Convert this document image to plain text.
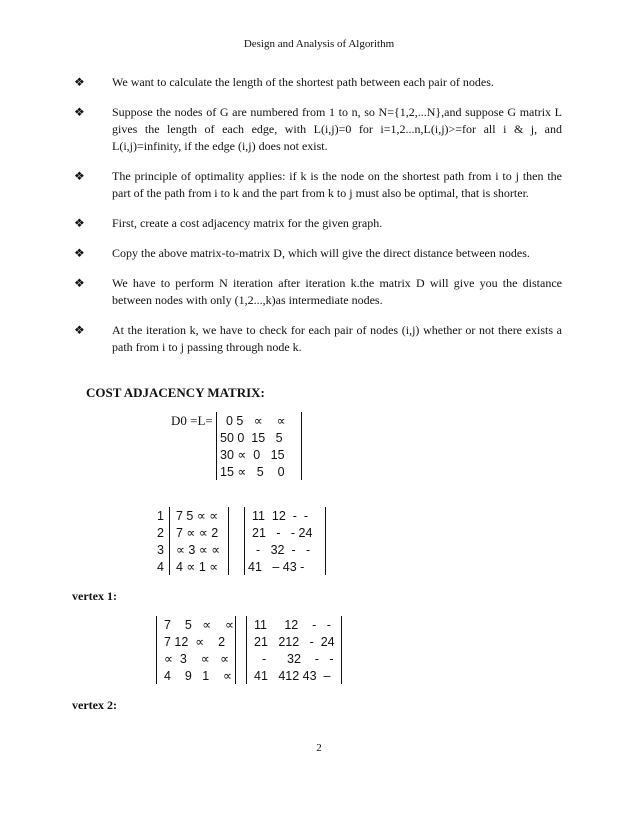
Design and Analysis of Algorithm
❖ We want to calculate the length of the shortest path between each pair of nodes.
❖ Suppose the nodes of G are numbered from 1 to n, so N={1,2,...N},and suppose G matrix L gives the length of each edge, with L(i,j)=0 for i=1,2...n,L(i,j)>=for all i & j, and L(i,j)=infinity, if the edge (i,j) does not exist.
❖ The principle of optimality applies: if k is the node on the shortest path from i to j then the part of the path from i to k and the part from k to j must also be optimal, that is shorter.
❖ First, create a cost adjacency matrix for the given graph.
❖ Copy the above matrix-to-matrix D, which will give the direct distance between nodes.
❖ We have to perform N iteration after iteration k.the matrix D will give you the distance between nodes with only (1,2...,k)as intermediate nodes.
❖ At the iteration k, we have to check for each pair of nodes (i,j) whether or not there exists a path from i to j passing through node k.
COST ADJACENCY MATRIX:
D0 =L= 0 5   ∝    ∝
50 0  15   5
30 ∝  0   15
15 ∝   5    0
1
2
3
4
7 5 ∝ ∝
7 ∝ ∝ 2
∝ 3 ∝ ∝
4 ∝ 1 ∝
11  12  -  -
21   -   - 24
-   32  -   -
41   – 43 -
vertex 1:
7    5   ∝    ∝
7 12  ∝    2
∝  3    ∝   ∝
4    9   1    ∝
11     12    -   -
21   212   -  24
-      32    -   -
41   412 43  –
vertex 2:
2
